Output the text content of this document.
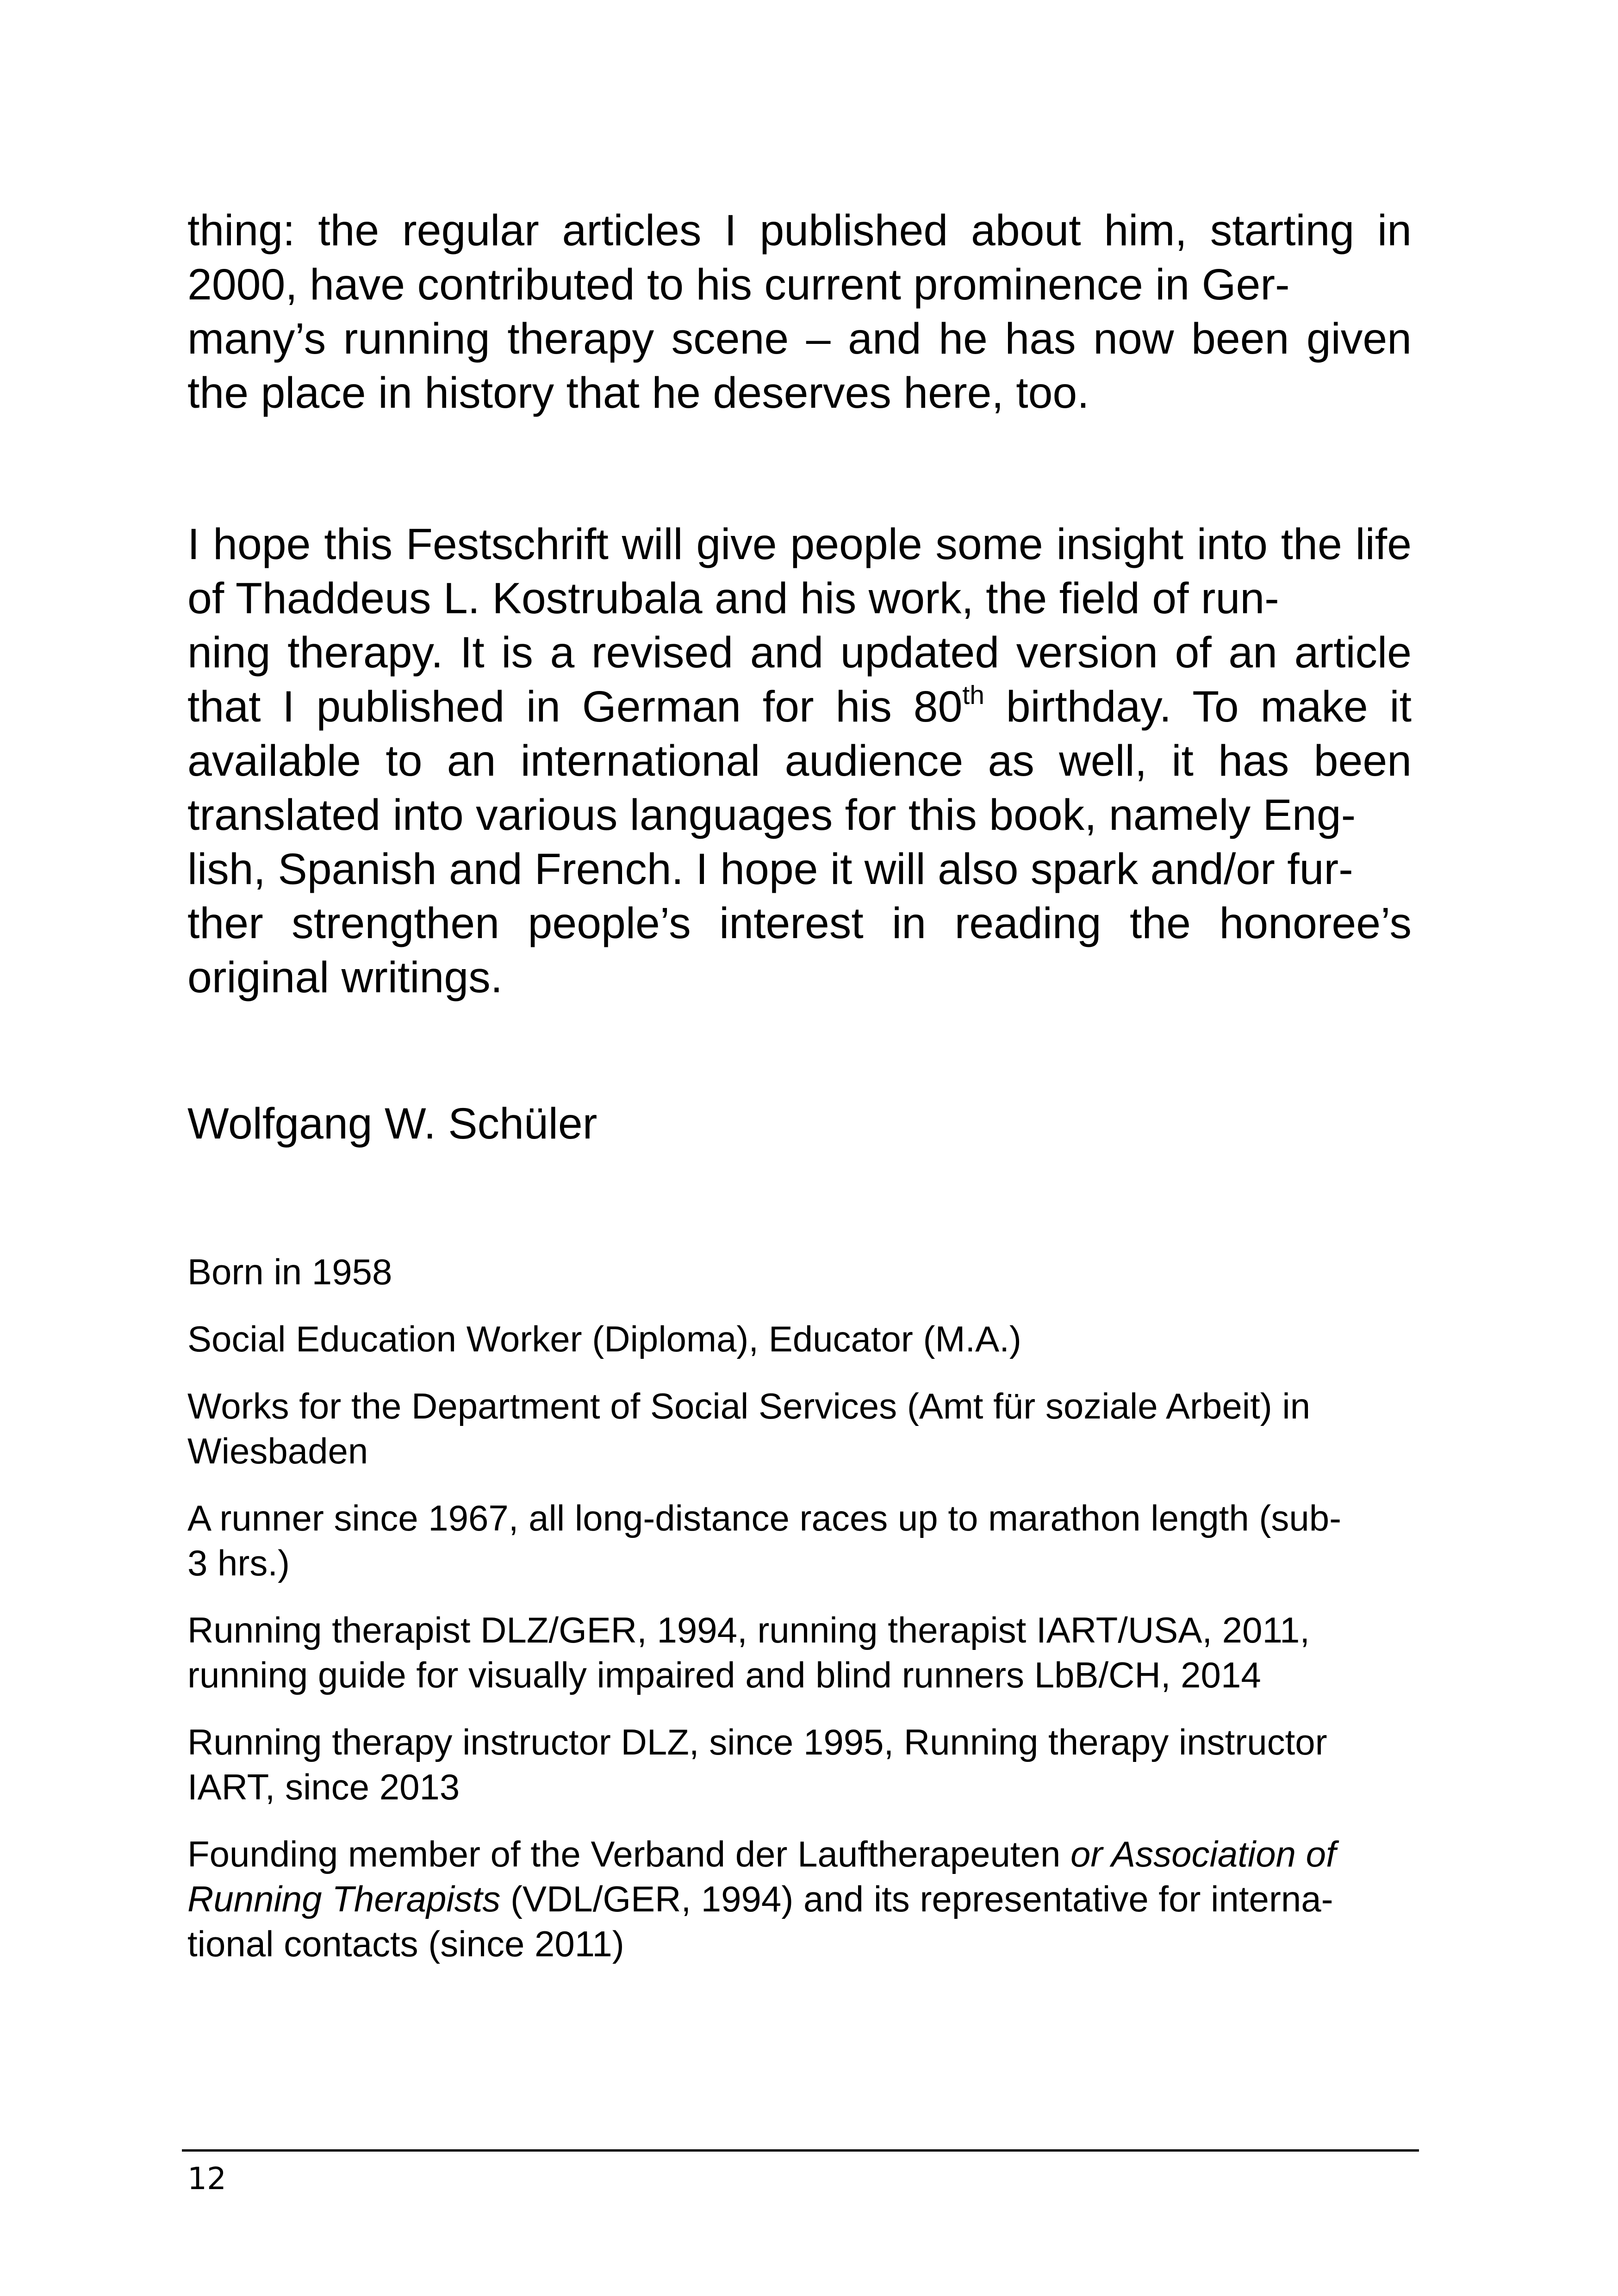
thing: the regular articles I published about him, starting in 2000, have contributed to his current prominence in Ger-
many’s running therapy scene – and he has now been given the place in history that he deserves here, too.

I hope this Festschrift will give people some insight into the life of Thaddeus L. Kostrubala and his work, the field of run-
ning therapy. It is a revised and updated version of an article that I published in German for his 80th birthday. To make it available to an international audience as well, it has been translated into various languages for this book, namely Eng-
lish, Spanish and French. I hope it will also spark and/or fur-
ther strengthen people’s interest in reading the honoree’s original writings.

Wolfgang W. Schüler

Born in 1958

Social Education Worker (Diploma), Educator (M.A.)

Works for the Department of Social Services (Amt für soziale Arbeit) in
Wiesbaden

A runner since 1967, all long-distance races up to marathon length (sub-
3 hrs.)

Running therapist DLZ/GER, 1994, running therapist IART/USA, 2011,
running guide for visually impaired and blind runners LbB/CH, 2014

Running therapy instructor DLZ, since 1995, Running therapy instructor
IART, since 2013

Founding member of the Verband der Lauftherapeuten or Association of
Running Therapists (VDL/GER, 1994) and its representative for interna-
tional contacts (since 2011)

12
